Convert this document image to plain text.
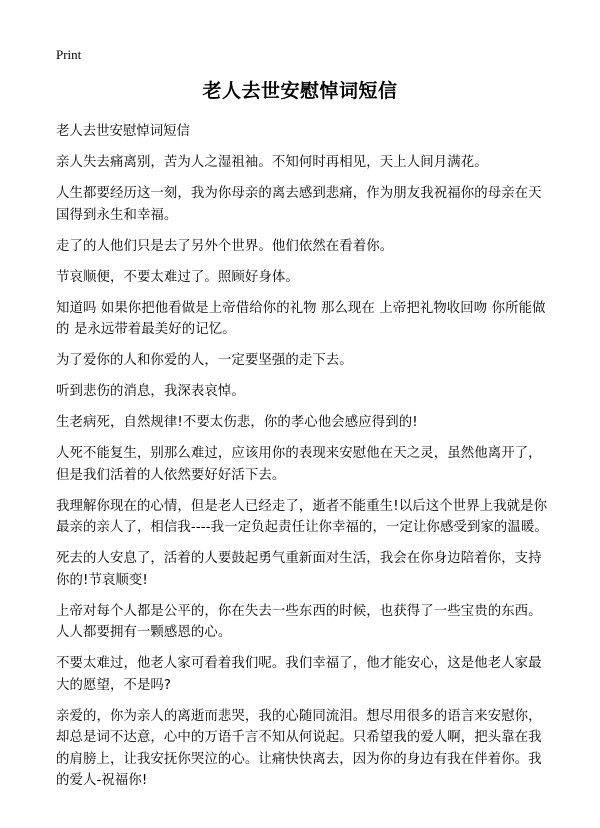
Print
老人去世安慰悼词短信

老人去世安慰悼词短信

亲人失去痛离别，苦为人之湿祖袖。不知何时再相见，天上人间月满花。

人生都要经历这一刻，我为你母亲的离去感到悲痛，作为朋友我祝福你的母亲在天国得到永生和幸福。

走了的人他们只是去了另外个世界。他们依然在看着你。

节哀顺便，不要太难过了。照顾好身体。

知道吗 如果你把他看做是上帝借给你的礼物 那么现在 上帝把礼物收回吻 你所能做的 是永远带着最美好的记忆。

为了爱你的人和你爱的人，一定要坚强的走下去。

听到悲伤的消息，我深表哀悼。

生老病死，自然规律!不要太伤悲，你的孝心他会感应得到的!

人死不能复生，别那么难过，应该用你的表现来安慰他在天之灵，虽然他离开了，但是我们活着的人依然要好好活下去。

我理解你现在的心情，但是老人已经走了，逝者不能重生!以后这个世界上我就是你最亲的亲人了，相信我----我一定负起责任让你幸福的，一定让你感受到家的温暖。

死去的人安息了，活着的人要鼓起勇气重新面对生活，我会在你身边陪着你，支持你的!节哀顺变!

上帝对每个人都是公平的，你在失去一些东西的时候，也获得了一些宝贵的东西。人人都要拥有一颗感恩的心。

不要太难过，他老人家可看着我们呢。我们幸福了，他才能安心，这是他老人家最大的愿望，不是吗?

亲爱的，你为亲人的离逝而悲哭，我的心随同流泪。想尽用很多的语言来安慰你，却总是词不达意，心中的万语千言不知从何说起。只希望我的爱人啊，把头靠在我的肩膀上，让我安抚你哭泣的心。让痛快快离去，因为你的身边有我在伴着你。我的爱人-祝福你!
